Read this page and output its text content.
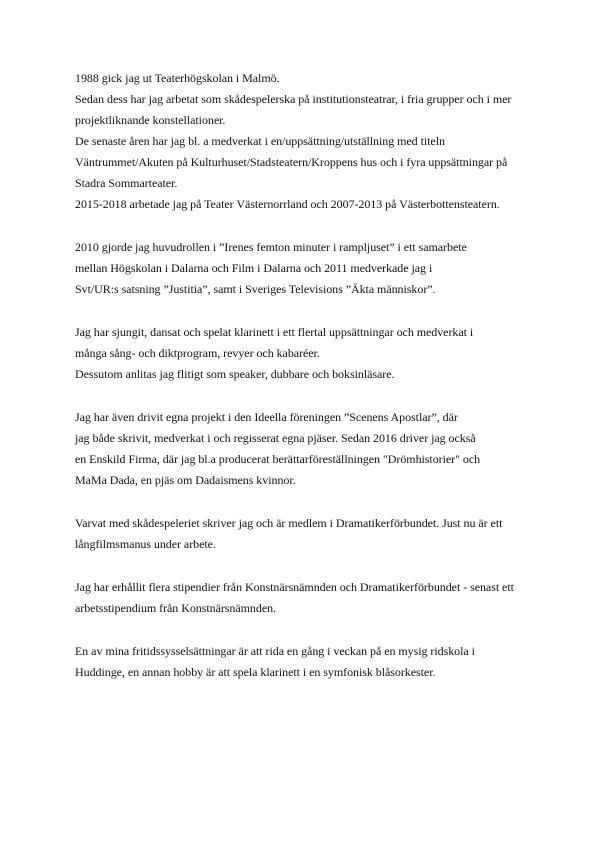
1988 gick jag ut Teaterhögskolan i Malmö.
Sedan dess har jag arbetat som skådespelerska på institutionsteatrar, i fria grupper och i mer
projektliknande konstellationer.
De senaste åren har jag bl. a medverkat i en/uppsättning/utställning med titeln
Väntrummet/Akuten på Kulturhuset/Stadsteatern/Kroppens hus och i fyra uppsättningar på
Stadra Sommarteater.
2015-2018 arbetade jag på Teater Västernorrland och 2007-2013 på Västerbottensteatern.
2010 gjorde jag huvudrollen i ”Irenes femton minuter i rampljuset” i ett samarbete
mellan Högskolan i Dalarna och Film i Dalarna och 2011 medverkade jag i
Svt/UR:s satsning ”Justitia”, samt i Sveriges Televisions ”Äkta människor”.
Jag har sjungit, dansat och spelat klarinett i ett flertal uppsättningar och medverkat i
många sång- och diktprogram, revyer och kabaréer.
Dessutom anlitas jag flitigt som speaker, dubbare och boksinläsare.
Jag har även drivit egna projekt i den Ideella föreningen ”Scenens Apostlar”, där
jag både skrivit, medverkat i och regisserat egna pjäser. Sedan 2016 driver jag också
en Enskild Firma, där jag bl.a producerat berättarföreställningen "Drömhistorier" och
MaMa Dada, en pjäs om Dadaismens kvinnor.
Varvat med skådespeleriet skriver jag och är medlem i Dramatikerförbundet. Just nu är ett
långfilmsmanus under arbete.
Jag har erhållit flera stipendier från Konstnärsnämnden och Dramatikerförbundet - senast ett
arbetsstipendium från Konstnärsnämnden.
En av mina fritidssysselsättningar är att rida en gång i veckan på en mysig ridskola i
Huddinge, en annan hobby är att spela klarinett i en symfonisk blåsorkester.
